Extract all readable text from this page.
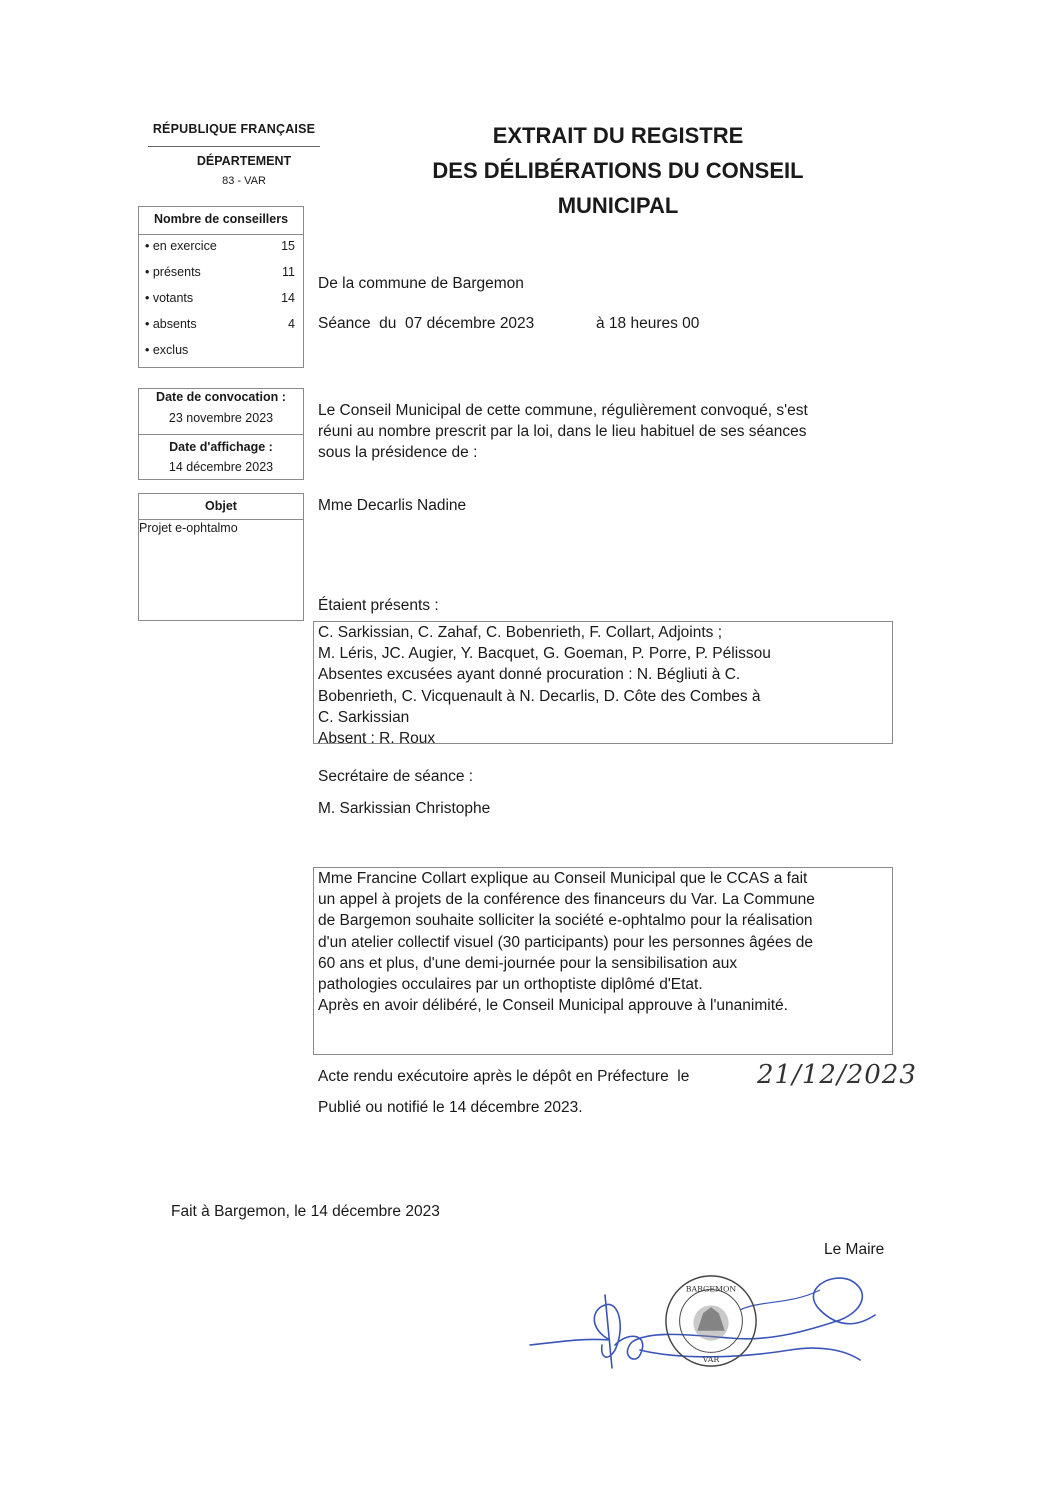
RÉPUBLIQUE FRANÇAISE
DÉPARTEMENT
83 - VAR
EXTRAIT DU REGISTRE
DES DÉLIBÉRATIONS DU CONSEIL
MUNICIPAL
Nombre de conseillers
• en exercice	15
• présents	11
• votants	14
• absents	4
• exclus
Date de convocation :
23 novembre 2023
Date d'affichage :
14 décembre 2023
Objet
Projet e-ophtalmo
De la commune de Bargemon
Séance  du  07 décembre 2023	à 18 heures 00
Le Conseil Municipal de cette commune, régulièrement convoqué, s'est
réuni au nombre prescrit par la loi, dans le lieu habituel de ses séances
sous la présidence de :
Mme Decarlis Nadine
Étaient présents :
C. Sarkissian, C. Zahaf, C. Bobenrieth, F. Collart, Adjoints ;
M. Léris, JC. Augier, Y. Bacquet, G. Goeman, P. Porre, P. Pélissou
Absentes excusées ayant donné procuration : N. Bégliuti à C.
Bobenrieth, C. Vicquenault à N. Decarlis, D. Côte des Combes à
C. Sarkissian
Absent : R. Roux
Secrétaire de séance :
M. Sarkissian Christophe
Mme Francine Collart explique au Conseil Municipal que le CCAS a fait
un appel à projets de la conférence des financeurs du Var. La Commune
de Bargemon souhaite solliciter la société e-ophtalmo pour la réalisation
d'un atelier collectif visuel (30 participants) pour les personnes âgées de
60 ans et plus, d'une demi-journée pour la sensibilisation aux
pathologies occulaires par un orthoptiste diplômé d'Etat.
Après en avoir délibéré, le Conseil Municipal approuve à l'unanimité.
Acte rendu exécutoire après le dépôt en Préfecture  le	21/12/2023
Publié ou notifié le 14 décembre 2023.
Fait à Bargemon, le 14 décembre 2023
Le Maire
BARGEMON
VAR
